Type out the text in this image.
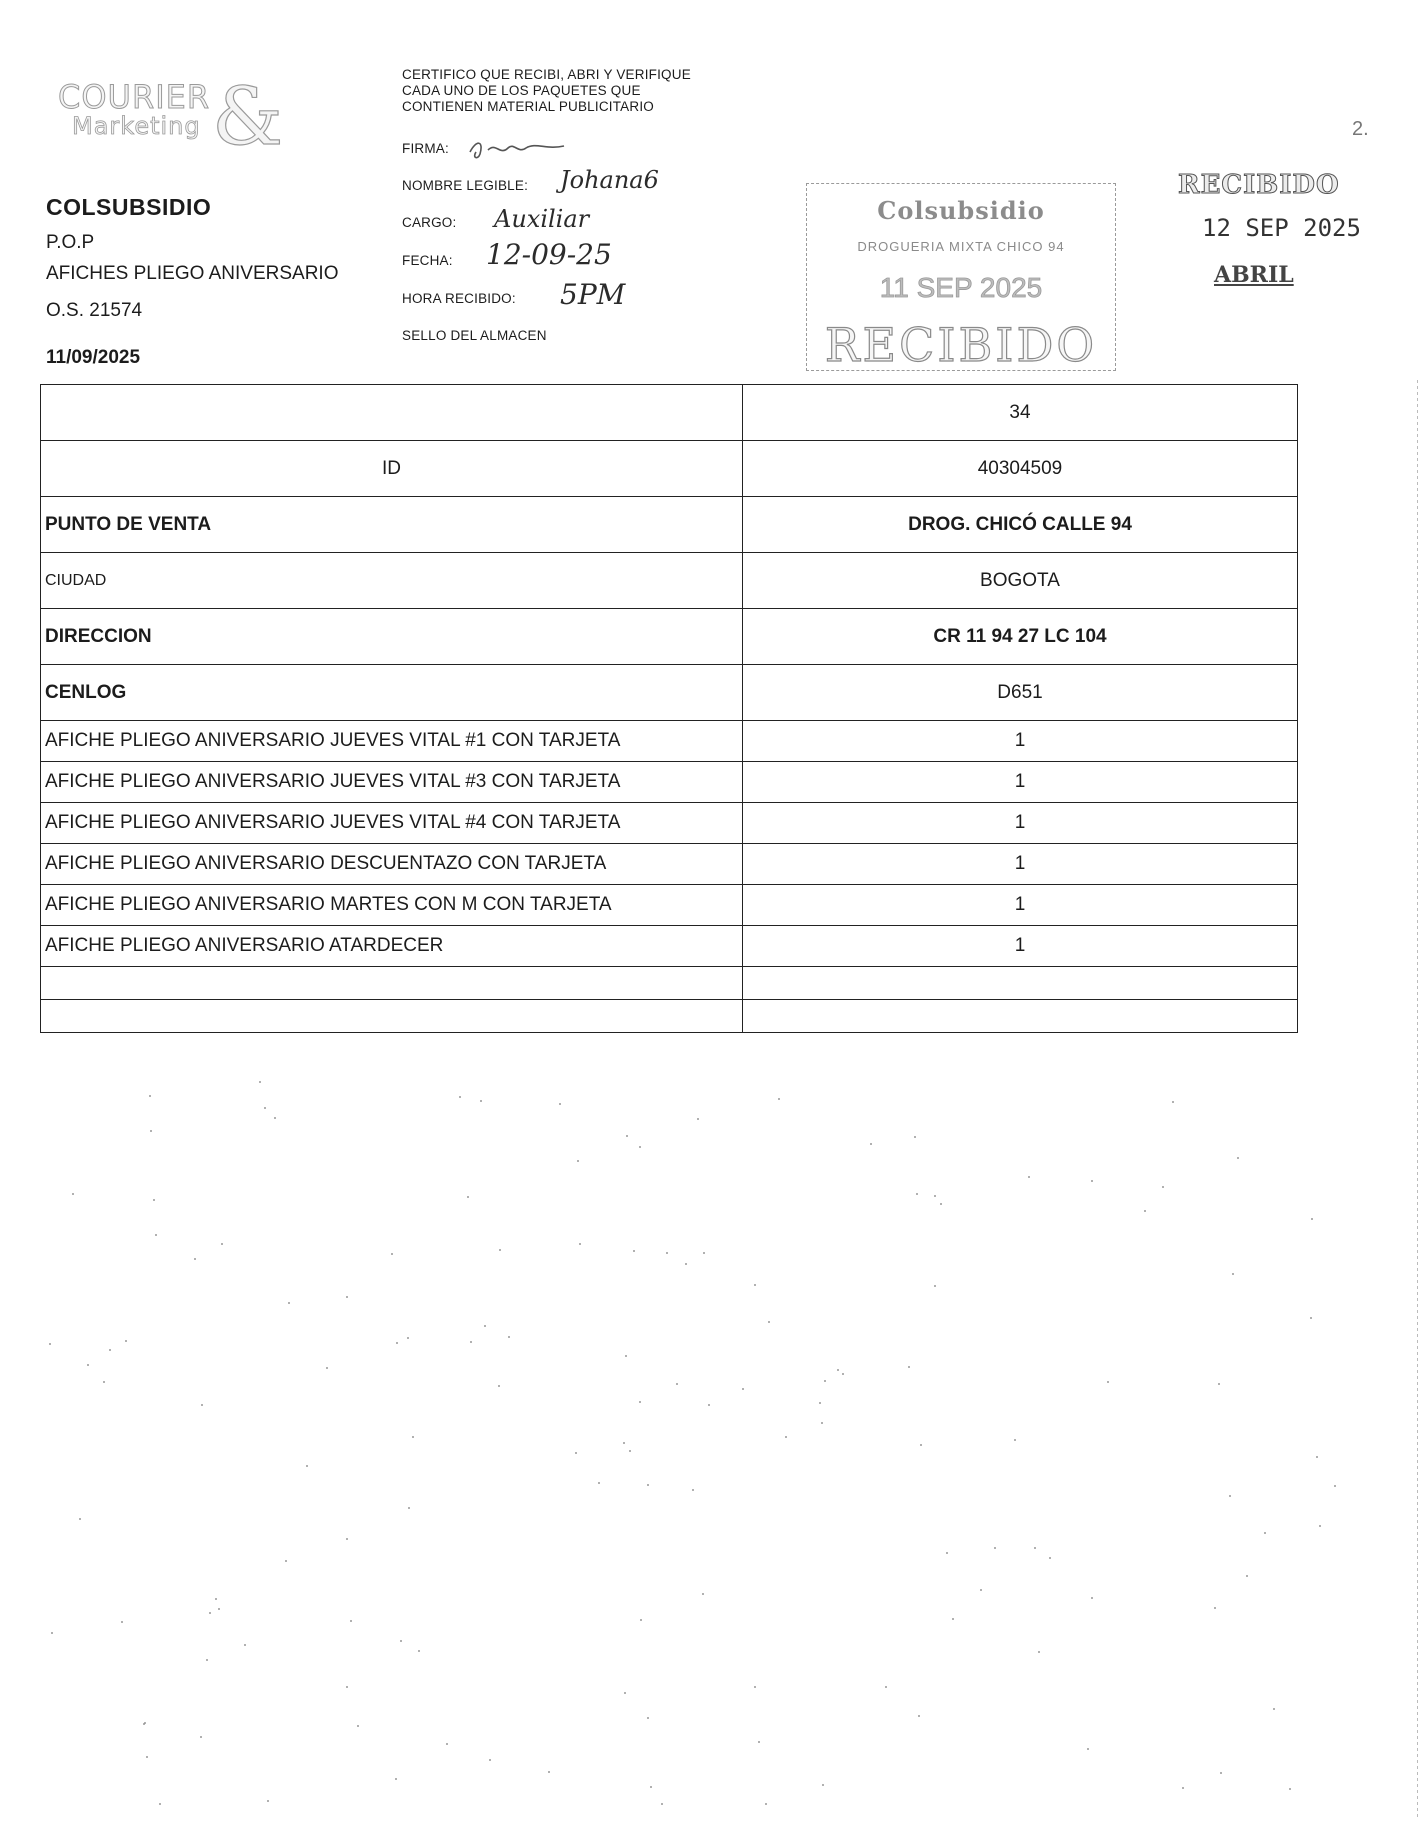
COURIER
Marketing &
COLSUBSIDIO
P.O.P
AFICHES PLIEGO ANIVERSARIO
O.S. 21574
11/09/2025
CERTIFICO QUE RECIBI, ABRI Y VERIFIQUE
CADA UNO DE LOS PAQUETES QUE
CONTIENEN MATERIAL PUBLICITARIO
FIRMA:
NOMBRE LEGIBLE: Johana6
CARGO: Auxiliar
FECHA: 12-09-25
HORA RECIBIDO: 5PM
SELLO DEL ALMACEN
Colsubsidio
DROGUERIA MIXTA CHICO 94
11 SEP 2025
RECIBIDO
RECIBIDO
12 SEP 2025
ABRIL
2.
	34
ID	40304509
PUNTO DE VENTA	DROG. CHICÓ CALLE 94
CIUDAD	BOGOTA
DIRECCION	CR 11 94 27 LC 104
CENLOG	D651
AFICHE PLIEGO ANIVERSARIO JUEVES VITAL #1 CON TARJETA	1
AFICHE PLIEGO ANIVERSARIO JUEVES VITAL #3 CON TARJETA	1
AFICHE PLIEGO ANIVERSARIO JUEVES VITAL #4 CON TARJETA	1
AFICHE PLIEGO ANIVERSARIO DESCUENTAZO CON TARJETA	1
AFICHE PLIEGO ANIVERSARIO MARTES CON M CON TARJETA	1
AFICHE PLIEGO ANIVERSARIO ATARDECER	1
